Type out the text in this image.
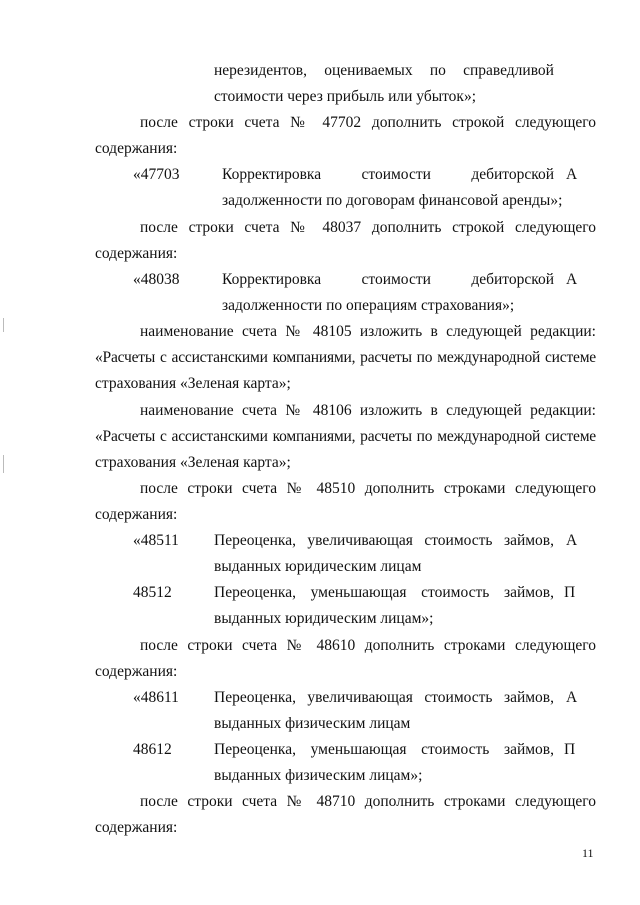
нерезидентов, оцениваемых по справедливой

стоимости через прибыль или убыток»;

после строки счета № 47702 дополнить строкой следующего

содержания:

«47703	Корректировка стоимости дебиторской А

задолженности по договорам финансовой аренды»;

после строки счета № 48037 дополнить строкой следующего

содержания:

«48038	Корректировка стоимости дебиторской А

задолженности по операциям страхования»;

наименование счета № 48105 изложить в следующей редакции:

«Расчеты с ассистанскими компаниями, расчеты по международной системе

страхования «Зеленая карта»;

наименование счета № 48106 изложить в следующей редакции:

«Расчеты с ассистанскими компаниями, расчеты по международной системе

страхования «Зеленая карта»;

после строки счета № 48510 дополнить строками следующего

содержания:

«48511 Переоценка, увеличивающая стоимость займов, А

выданных юридическим лицам

48512	Переоценка, уменьшающая стоимость займов, П

выданных юридическим лицам»;

после строки счета № 48610 дополнить строками следующего

содержания:

«48611 Переоценка, увеличивающая стоимость займов, А

выданных физическим лицам

48612	Переоценка, уменьшающая стоимость займов, П

выданных физическим лицам»;

после строки счета № 48710 дополнить строками следующего

содержания:

11
